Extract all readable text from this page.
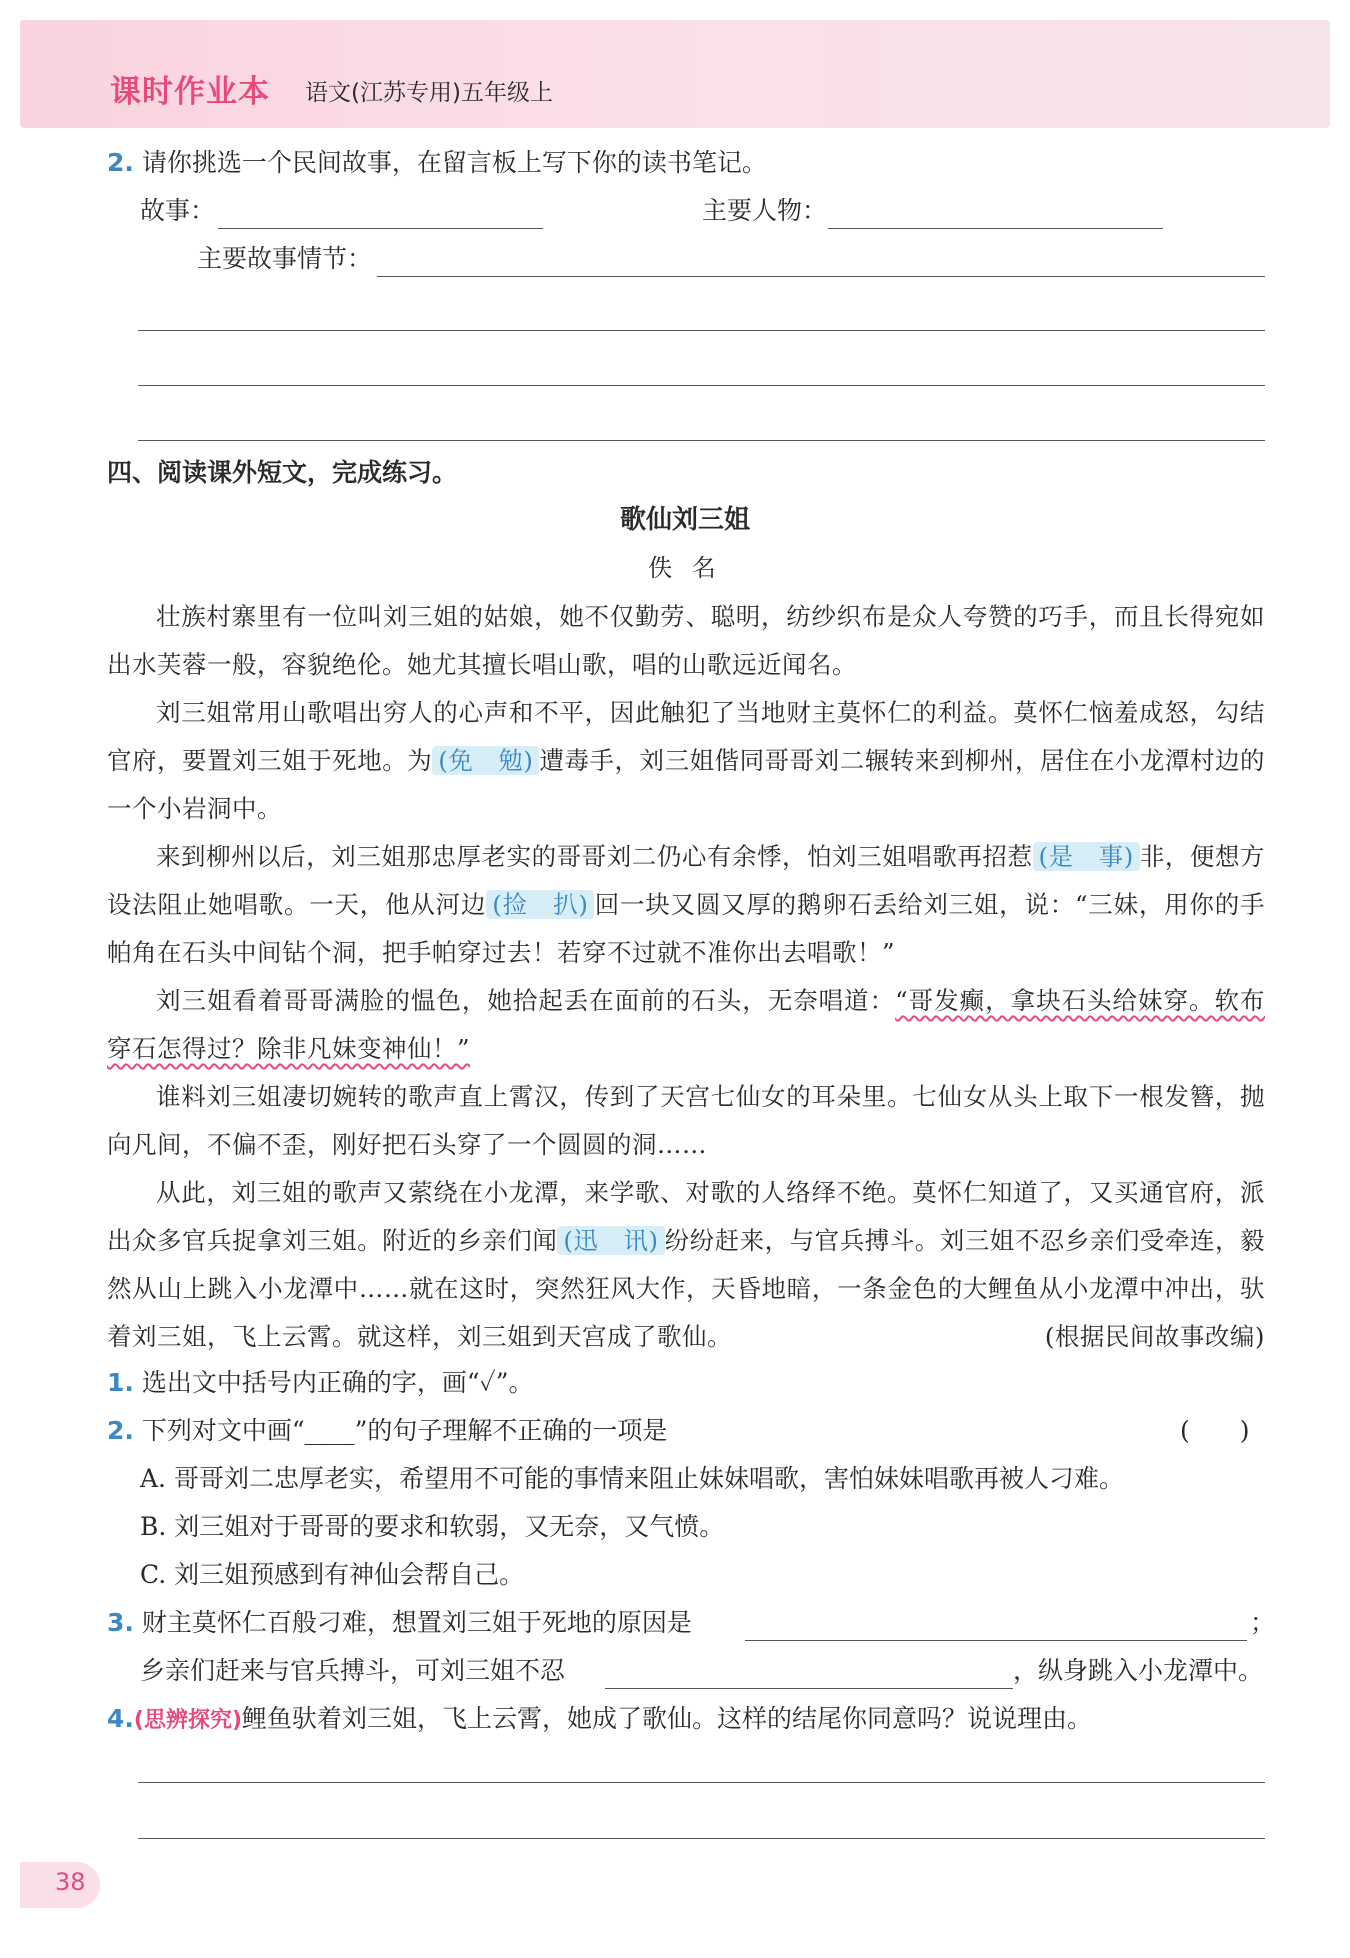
课时作业本 语文(江苏专用)五年级上
2. 请你挑选一个民间故事，在留言板上写下你的读书笔记。
故事：	主要人物：
主要故事情节：
四、阅读课外短文，完成练习。
歌仙刘三姐
佚 名
壮族村寨里有一位叫刘三姐的姑娘，她不仅勤劳、聪明，纺纱织布是众人夸赞的巧手，而且长得宛如出水芙蓉一般，容貌绝伦。她尤其擅长唱山歌，唱的山歌远近闻名。
刘三姐常用山歌唱出穷人的心声和不平，因此触犯了当地财主莫怀仁的利益。莫怀仁恼羞成怒，勾结官府，要置刘三姐于死地。为 (免　勉) 遭毒手，刘三姐偕同哥哥刘二辗转来到柳州，居住在小龙潭村边的一个小岩洞中。
来到柳州以后，刘三姐那忠厚老实的哥哥刘二仍心有余悸，怕刘三姐唱歌再招惹 (是　事) 非，便想方设法阻止她唱歌。一天，他从河边 (捡　扒) 回一块又圆又厚的鹅卵石丢给刘三姐，说：“三妹，用你的手帕角在石头中间钻个洞，把手帕穿过去！若穿不过就不准你出去唱歌！”
刘三姐看着哥哥满脸的愠色，她拾起丢在面前的石头，无奈唱道：“哥发癫，拿块石头给妹穿。软布穿石怎得过？除非凡妹变神仙！”
谁料刘三姐凄切婉转的歌声直上霄汉，传到了天宫七仙女的耳朵里。七仙女从头上取下一根发簪，抛向凡间，不偏不歪，刚好把石头穿了一个圆圆的洞……
从此，刘三姐的歌声又萦绕在小龙潭，来学歌、对歌的人络绎不绝。莫怀仁知道了，又买通官府，派出众多官兵捉拿刘三姐。附近的乡亲们闻 (迅　讯) 纷纷赶来，与官兵搏斗。刘三姐不忍乡亲们受牵连，毅然从山上跳入小龙潭中……就在这时，突然狂风大作，天昏地暗，一条金色的大鲤鱼从小龙潭中冲出，驮着刘三姐，飞上云霄。就这样，刘三姐到天宫成了歌仙。	(根据民间故事改编)
1. 选出文中括号内正确的字，画“✓”。
2. 下列对文中画“____”的句子理解不正确的一项是	(　　)
A. 哥哥刘二忠厚老实，希望用不可能的事情来阻止妹妹唱歌，害怕妹妹唱歌再被人刁难。
B. 刘三姐对于哥哥的要求和软弱，又无奈，又气愤。
C. 刘三姐预感到有神仙会帮自己。
3. 财主莫怀仁百般刁难，想置刘三姐于死地的原因是	；
乡亲们赶来与官兵搏斗，可刘三姐不忍	，纵身跳入小龙潭中。
4.(思辨探究)鲤鱼驮着刘三姐，飞上云霄，她成了歌仙。这样的结尾你同意吗？说说理由。
38
